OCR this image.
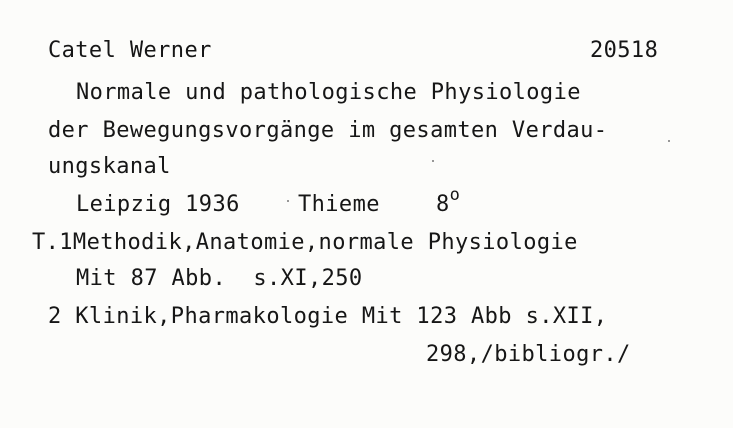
Catel Werner	20518
Normale und pathologische Physiologie
der Bewegungsvorgänge im gesamten Verdau-
ungskanal
Leipzig 1936	Thieme	8$^o$
T.1Methodik,Anatomie,normale Physiologie
Mit 87 Abb.  s.XI,250
2 Klinik,Pharmakologie Mit 123 Abb s.XII,
298,/bibliogr./
